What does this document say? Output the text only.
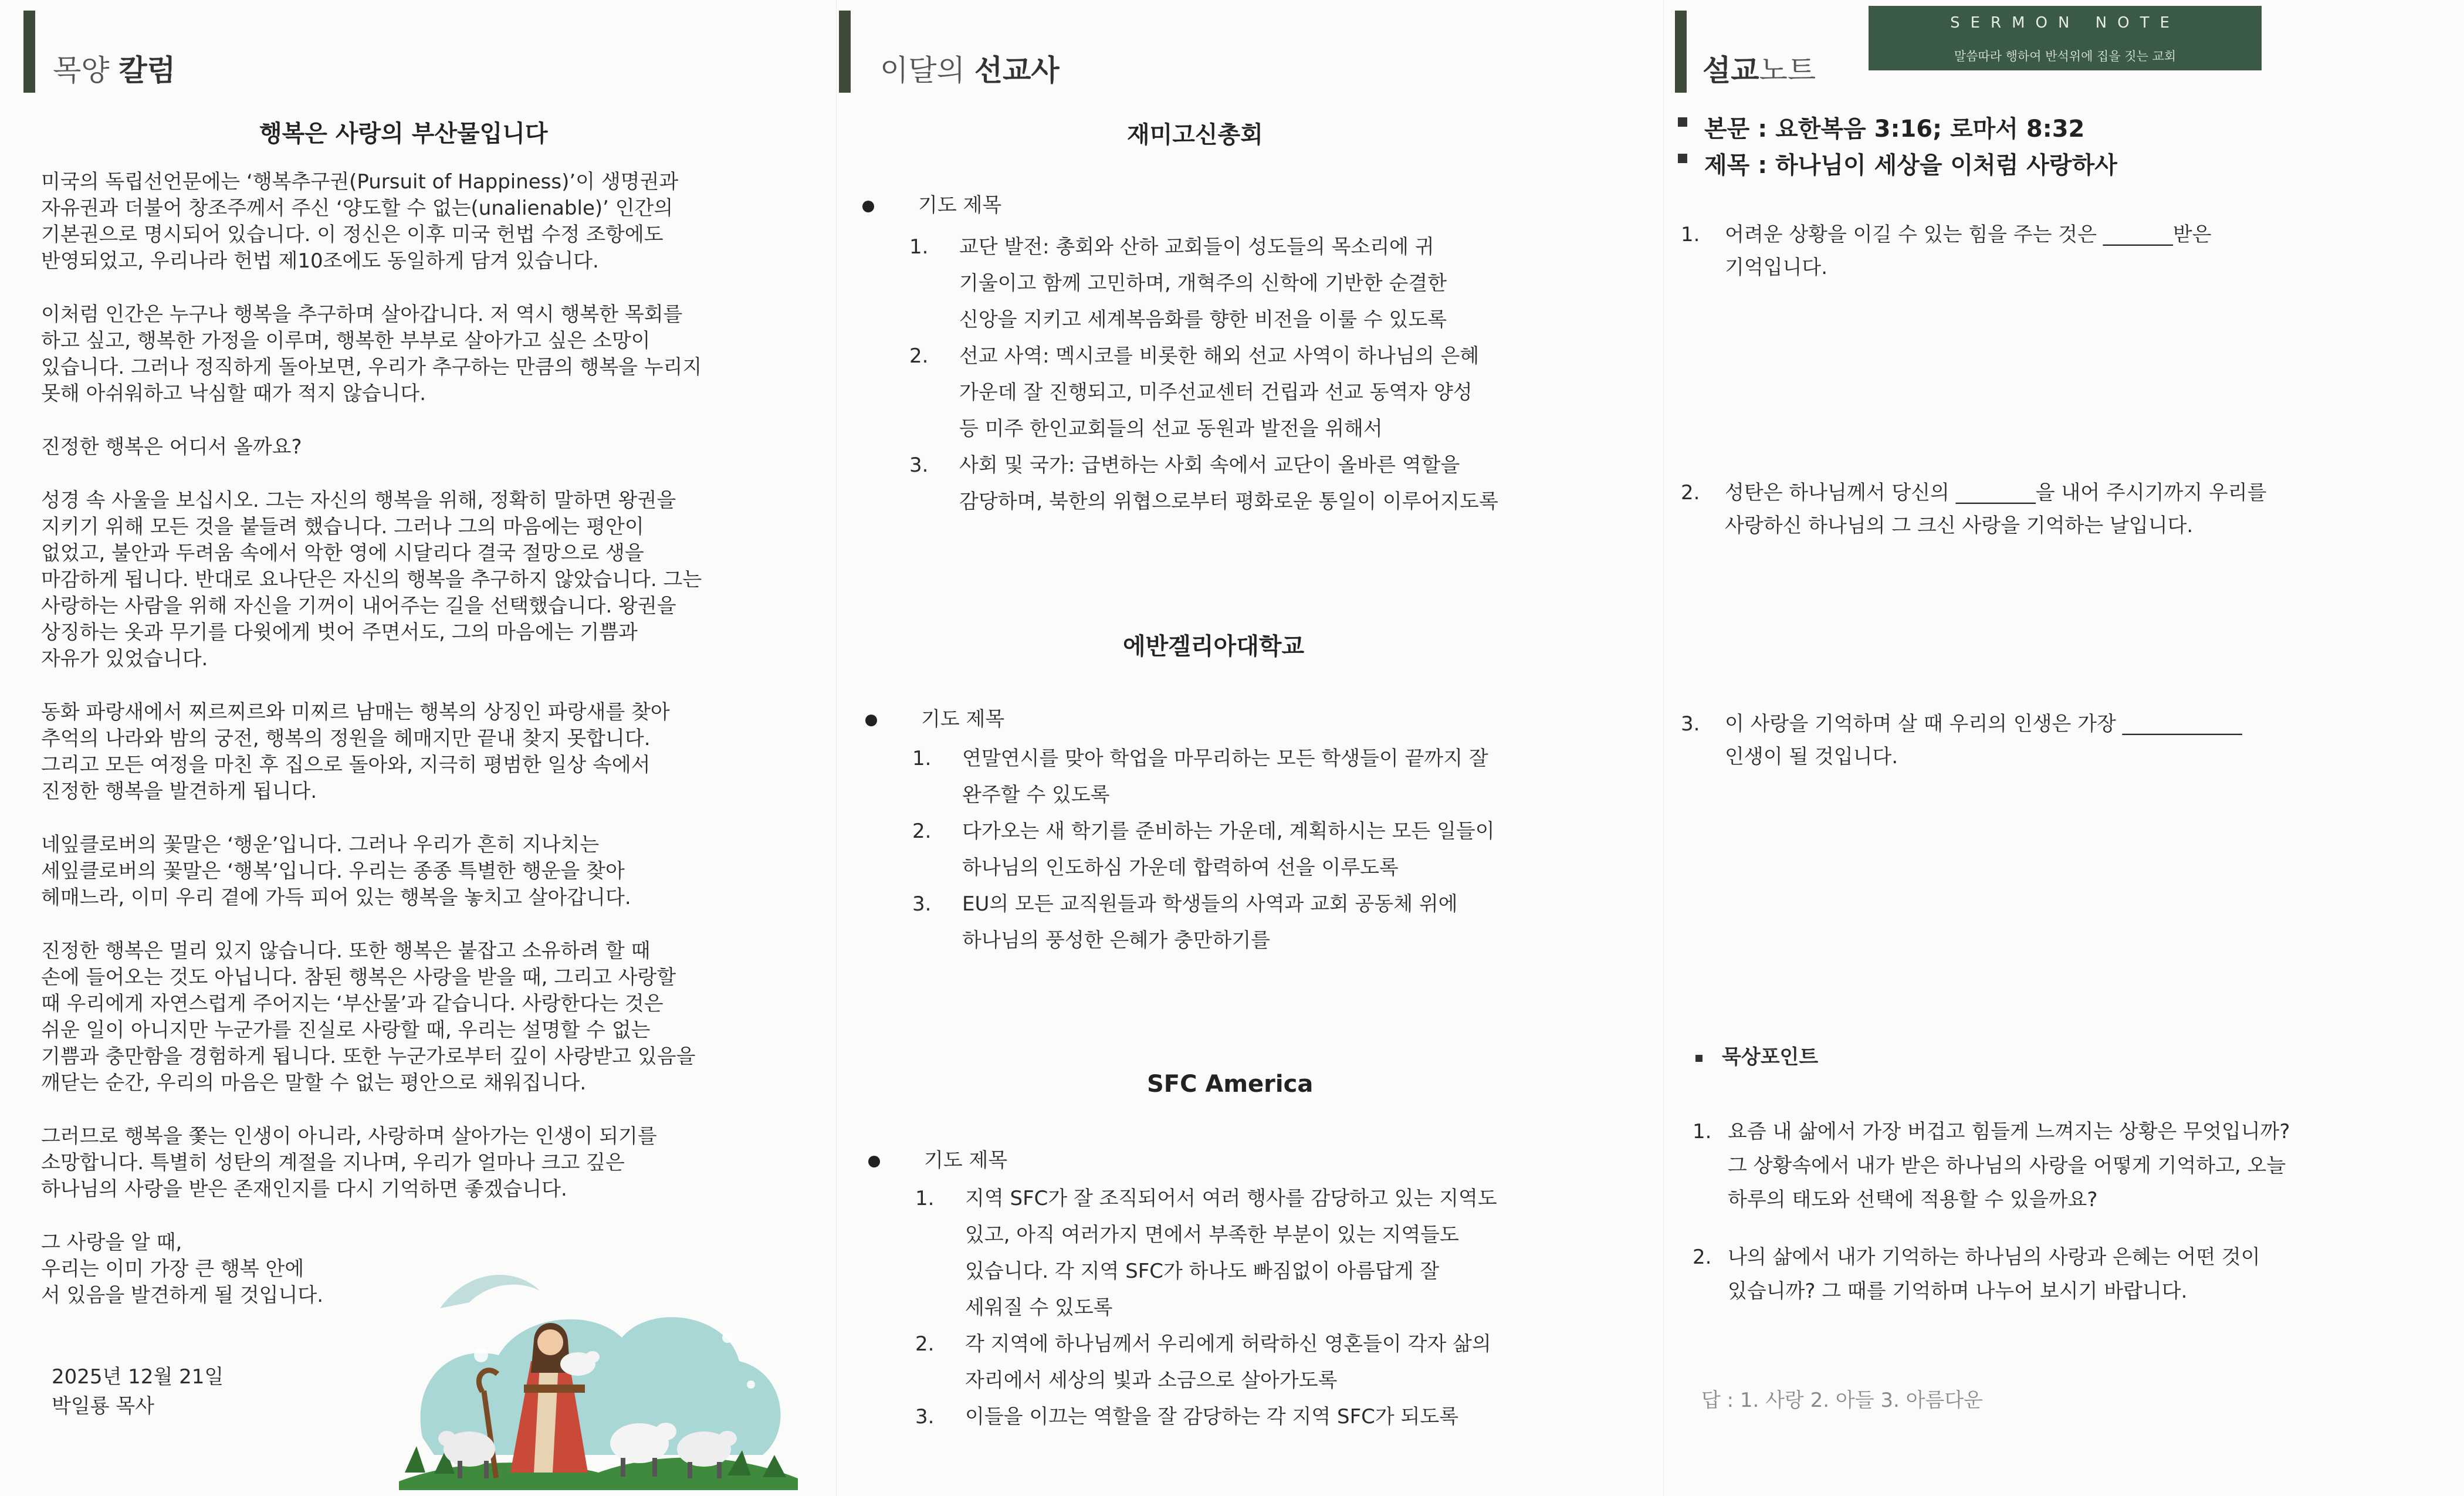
목양 칼럼
행복은 사랑의 부산물입니다
미국의 독립선언문에는 ‘행복추구권(Pursuit of Happiness)’이 생명권과
자유권과 더불어 창조주께서 주신 ‘양도할 수 없는(unalienable)’ 인간의
기본권으로 명시되어 있습니다. 이 정신은 이후 미국 헌법 수정 조항에도
반영되었고, 우리나라 헌법 제10조에도 동일하게 담겨 있습니다.
이처럼 인간은 누구나 행복을 추구하며 살아갑니다. 저 역시 행복한 목회를
하고 싶고, 행복한 가정을 이루며, 행복한 부부로 살아가고 싶은 소망이
있습니다. 그러나 정직하게 돌아보면, 우리가 추구하는 만큼의 행복을 누리지
못해 아쉬워하고 낙심할 때가 적지 않습니다.
진정한 행복은 어디서 올까요?
성경 속 사울을 보십시오. 그는 자신의 행복을 위해, 정확히 말하면 왕권을
지키기 위해 모든 것을 붙들려 했습니다. 그러나 그의 마음에는 평안이
없었고, 불안과 두려움 속에서 악한 영에 시달리다 결국 절망으로 생을
마감하게 됩니다. 반대로 요나단은 자신의 행복을 추구하지 않았습니다. 그는
사랑하는 사람을 위해 자신을 기꺼이 내어주는 길을 선택했습니다. 왕권을
상징하는 옷과 무기를 다윗에게 벗어 주면서도, 그의 마음에는 기쁨과
자유가 있었습니다.
동화 파랑새에서 찌르찌르와 미찌르 남매는 행복의 상징인 파랑새를 찾아
추억의 나라와 밤의 궁전, 행복의 정원을 헤매지만 끝내 찾지 못합니다.
그리고 모든 여정을 마친 후 집으로 돌아와, 지극히 평범한 일상 속에서
진정한 행복을 발견하게 됩니다.
네잎클로버의 꽃말은 ‘행운’입니다. 그러나 우리가 흔히 지나치는
세잎클로버의 꽃말은 ‘행복’입니다. 우리는 종종 특별한 행운을 찾아
헤매느라, 이미 우리 곁에 가득 피어 있는 행복을 놓치고 살아갑니다.
진정한 행복은 멀리 있지 않습니다. 또한 행복은 붙잡고 소유하려 할 때
손에 들어오는 것도 아닙니다. 참된 행복은 사랑을 받을 때, 그리고 사랑할
때 우리에게 자연스럽게 주어지는 ‘부산물’과 같습니다. 사랑한다는 것은
쉬운 일이 아니지만 누군가를 진실로 사랑할 때, 우리는 설명할 수 없는
기쁨과 충만함을 경험하게 됩니다. 또한 누군가로부터 깊이 사랑받고 있음을
깨닫는 순간, 우리의 마음은 말할 수 없는 평안으로 채워집니다.
그러므로 행복을 쫓는 인생이 아니라, 사랑하며 살아가는 인생이 되기를
소망합니다. 특별히 성탄의 계절을 지나며, 우리가 얼마나 크고 깊은
하나님의 사랑을 받은 존재인지를 다시 기억하면 좋겠습니다.
그 사랑을 알 때,
우리는 이미 가장 큰 행복 안에
서 있음을 발견하게 될 것입니다.
2025년 12월 21일
박일룡 목사
이달의 선교사
재미고신총회
기도 제목
1. 교단 발전: 총회와 산하 교회들이 성도들의 목소리에 귀
기울이고 함께 고민하며, 개혁주의 신학에 기반한 순결한
신앙을 지키고 세계복음화를 향한 비전을 이룰 수 있도록
2. 선교 사역: 멕시코를 비롯한 해외 선교 사역이 하나님의 은혜
가운데 잘 진행되고, 미주선교센터 건립과 선교 동역자 양성
등 미주 한인교회들의 선교 동원과 발전을 위해서
3. 사회 및 국가: 급변하는 사회 속에서 교단이 올바른 역할을
감당하며, 북한의 위협으로부터 평화로운 통일이 이루어지도록
에반겔리아대학교
기도 제목
1. 연말연시를 맞아 학업을 마무리하는 모든 학생들이 끝까지 잘
완주할 수 있도록
2. 다가오는 새 학기를 준비하는 가운데, 계획하시는 모든 일들이
하나님의 인도하심 가운데 합력하여 선을 이루도록
3. EU의 모든 교직원들과 학생들의 사역과 교회 공동체 위에
하나님의 풍성한 은혜가 충만하기를
SFC America
기도 제목
1. 지역 SFC가 잘 조직되어서 여러 행사를 감당하고 있는 지역도
있고, 아직 여러가지 면에서 부족한 부분이 있는 지역들도
있습니다. 각 지역 SFC가 하나도 빠짐없이 아름답게 잘
세워질 수 있도록
2. 각 지역에 하나님께서 우리에게 허락하신 영혼들이 각자 삶의
자리에서 세상의 빛과 소금으로 살아가도록
3. 이들을 이끄는 역할을 잘 감당하는 각 지역 SFC가 되도록
설교노트
본문 : 요한복음 3:16; 로마서 8:32
제목 : 하나님이 세상을 이처럼 사랑하사
1. 어려운 상황을 이길 수 있는 힘을 주는 것은 _______받은
기억입니다.
2. 성탄은 하나님께서 당신의 ________을 내어 주시기까지 우리를
사랑하신 하나님의 그 크신 사랑을 기억하는 날입니다.
3. 이 사랑을 기억하며 살 때 우리의 인생은 가장 ____________
인생이 될 것입니다.
묵상포인트
1. 요즘 내 삶에서 가장 버겁고 힘들게 느껴지는 상황은 무엇입니까?
그 상황속에서 내가 받은 하나님의 사랑을 어떻게 기억하고, 오늘
하루의 태도와 선택에 적용할 수 있을까요?
2. 나의 삶에서 내가 기억하는 하나님의 사랑과 은혜는 어떤 것이
있습니까? 그 때를 기억하며 나누어 보시기 바랍니다.
답 : 1. 사랑 2. 아들 3. 아름다운
SERMON NOTE
말씀따라 행하여 반석위에 집을 짓는 교회
